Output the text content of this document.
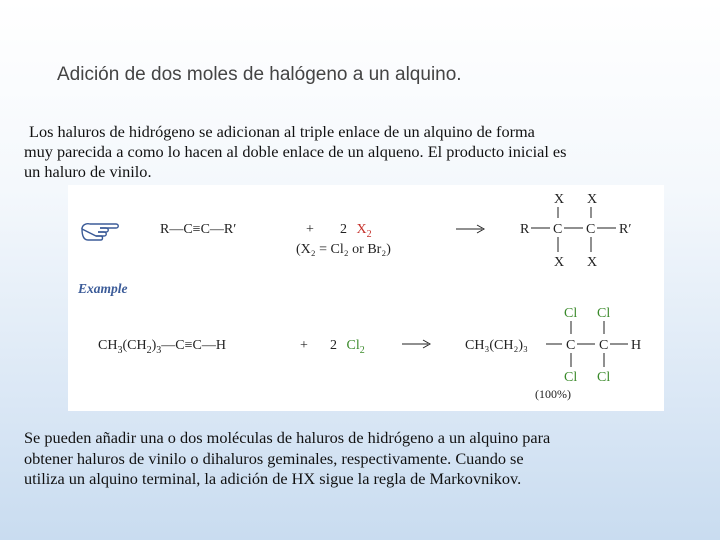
Adición de dos moles de halógeno a un alquino.

Los haluros de hidrógeno se adicionan al triple enlace de un alquino de forma
muy parecida a como lo hacen al doble enlace de un alqueno. El producto inicial es
un haluro de vinilo.

Example
R—C≡C—R′	+ 2 $X_2$
(X₂ = Cl₂ or Br₂)
R C C R′
X X
X X
$CH_3(CH_2)_3—C\equiv C—H$	+ 2 $Cl_2$	CH₃(CH₂)₃	C C H
Cl Cl
Cl Cl
(100%)

Se pueden añadir una o dos moléculas de haluros de hidrógeno a un alquino para
obtener haluros de vinilo o dihaluros geminales, respectivamente. Cuando se
utiliza un alquino terminal, la adición de HX sigue la regla de Markovnikov.
